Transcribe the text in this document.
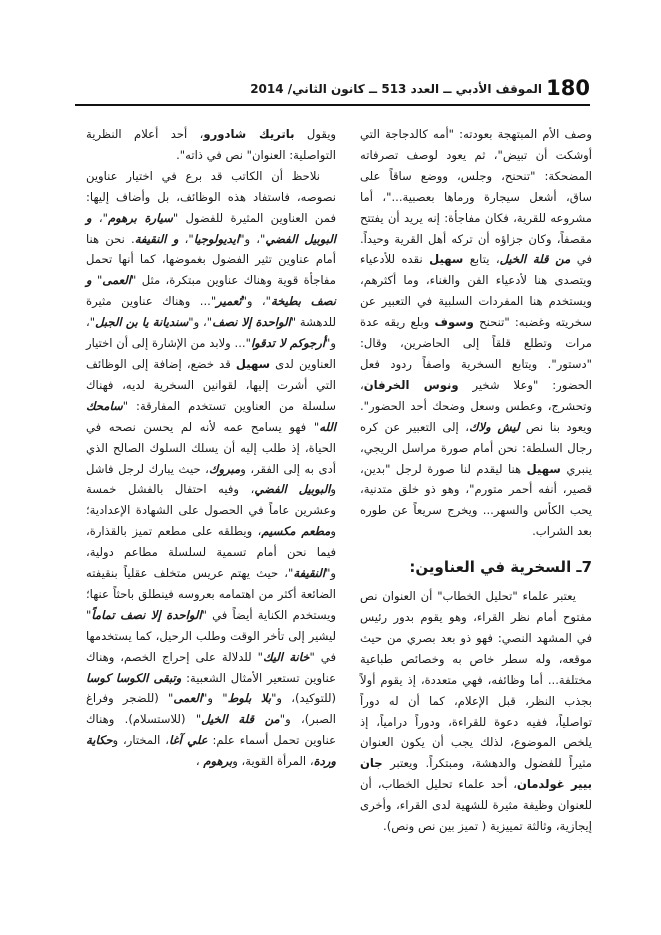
180
الموقف الأدبي ــ العدد 513 ــ كانون الثاني/ 2014

وصف الأم المبتهجة بعودته: "أمه كالدجاجة التي أوشكت أن تبيض"، ثم يعود لوصف تصرفاته المضحكة: "تنحنح، وجلس، ووضع ساقاً على ساق، أشعل سيجارة ورماها بعصبية..."، أما مشروعه للقرية، فكان مفاجأة: إنه يريد أن يفتتح مقصفاً، وكان جزاؤه أن تركه أهل القرية وحيداً. في من قلة الخيل، يتابع سهيل نقده للأدعياء ويتصدى هنا لأدعياء الفن والغناء، وما أكثرهم، ويستخدم هنا المفردات السلبية في التعبير عن سخريته وغضبه: "تنحنح وسوف وبلع ريقه عدة مرات وتطلع قلقاً إلى الحاضرين، وقال: "دستور". ويتابع السخرية واصفاً ردود فعل الحضور: "وعلا شخير ونوس الخرفان، وتحشرج، وعطس وسعل وضحك أحد الحضور". ويعود بنا نص ليش ولاك، إلى التعبير عن كره رجال السلطة: نحن أمام صورة مراسل الريجي، ينبري سهيل هنا ليقدم لنا صورة لرجل "بدين، قصير، أنفه أحمر متورم"، وهو ذو خلق متدنية، يحب الكأس والسهر... ويخرج سريعاً عن طوره بعد الشراب.

7ـ السخرية في العناوين:

يعتبر علماء "تحليل الخطاب" أن العنوان نص مفتوح أمام نظر القراء، وهو يقوم بدور رئيس في المشهد النصي: فهو ذو بعد بصري من حيث موقعه، وله سطر خاص به وخصائص طباعية مختلفة... أما وظائفه، فهي متعددة، إذ يقوم أولاً بجذب النظر، قبل الإعلام، كما أن له دوراً تواصلياً، ففيه دعوة للقراءة، ودوراً درامياً، إذ يلخص الموضوع، لذلك يجب أن يكون العنوان مثيراً للفضول والدهشة، ومبتكراً. ويعتبر جان بيير غولدمان، أحد علماء تحليل الخطاب، أن للعنوان وظيفة مثيرة للشهية لدى القراء، وأخرى إيجازية، وثالثة تمييزية ( تميز بين نص ونص).

ويقول باتريك شادورو، أحد أعلام النظرية التواصلية: العنوان" نص في ذاته".

نلاحظ أن الكاتب قد برع في اختيار عناوين نصوصه، فاستفاد هذه الوظائف، بل وأضاف إليها: فمن العناوين المثيرة للفضول "سيارة برهوم"، و البوبيل الفضي"، و"ايديولوجيا"، و النقيفة. نحن هنا أمام عناوين تثير الفضول بغموضها، كما أنها تحمل مفاجأة قوية وهناك عناوين مبتكرة، مثل "العمى" و نصف بطيخة"، و"تُعمير"... وهناك عناوين مثيرة للدهشة "الواحدة إلا نصف"، و"سنديانة يا بن الجبل"، و"أرجوكم لا تدقوا"... ولابد من الإشارة إلى أن اختيار العناوين لدى سهيل قد خضع، إضافة إلى الوظائف التي أشرت إليها، لقوانين السخرية لديه، فهناك سلسلة من العناوين تستخدم المفارقة: "سامحك الله" فهو يسامح عمه لأنه لم يحسن نصحه في الحياة، إذ طلب إليه أن يسلك السلوك الصالح الذي أدى به إلى الفقر، ومبروك، حيث يبارك لرجل فاشل والبوبيل الفضي، وفيه احتفال بالفشل خمسة وعشرين عاماً في الحصول على الشهادة الإعدادية؛ ومطعم مكسيم، ويطلقه على مطعم تميز بالقذارة، فيما نحن أمام تسمية لسلسلة مطاعم دولية، و"النقيفة"، حيث يهتم عريس متخلف عقلياً بنقيفته الضائعة أكثر من اهتمامه بعروسه فينطلق باحثاً عنها؛ ويستخدم الكناية أيضاً في "الواحدة إلا نصف تماماً" ليشير إلى تأخر الوقت وطلب الرحيل، كما يستخدمها في "خانة اليك" للدلالة على إحراج الخصم، وهناك عناوين تستعير الأمثال الشعبية: وتبقى الكوسا كوسا (للتوكيد)، و"بلا بلوط" و"العمى" (للضجر وفراغ الصبر)، و"من قلة الخيل" (للاستسلام). وهناك عناوين تحمل أسماء علم: علي آغا، المختار، وحكاية وردة، المرأة القوية، وبرهوم ،
